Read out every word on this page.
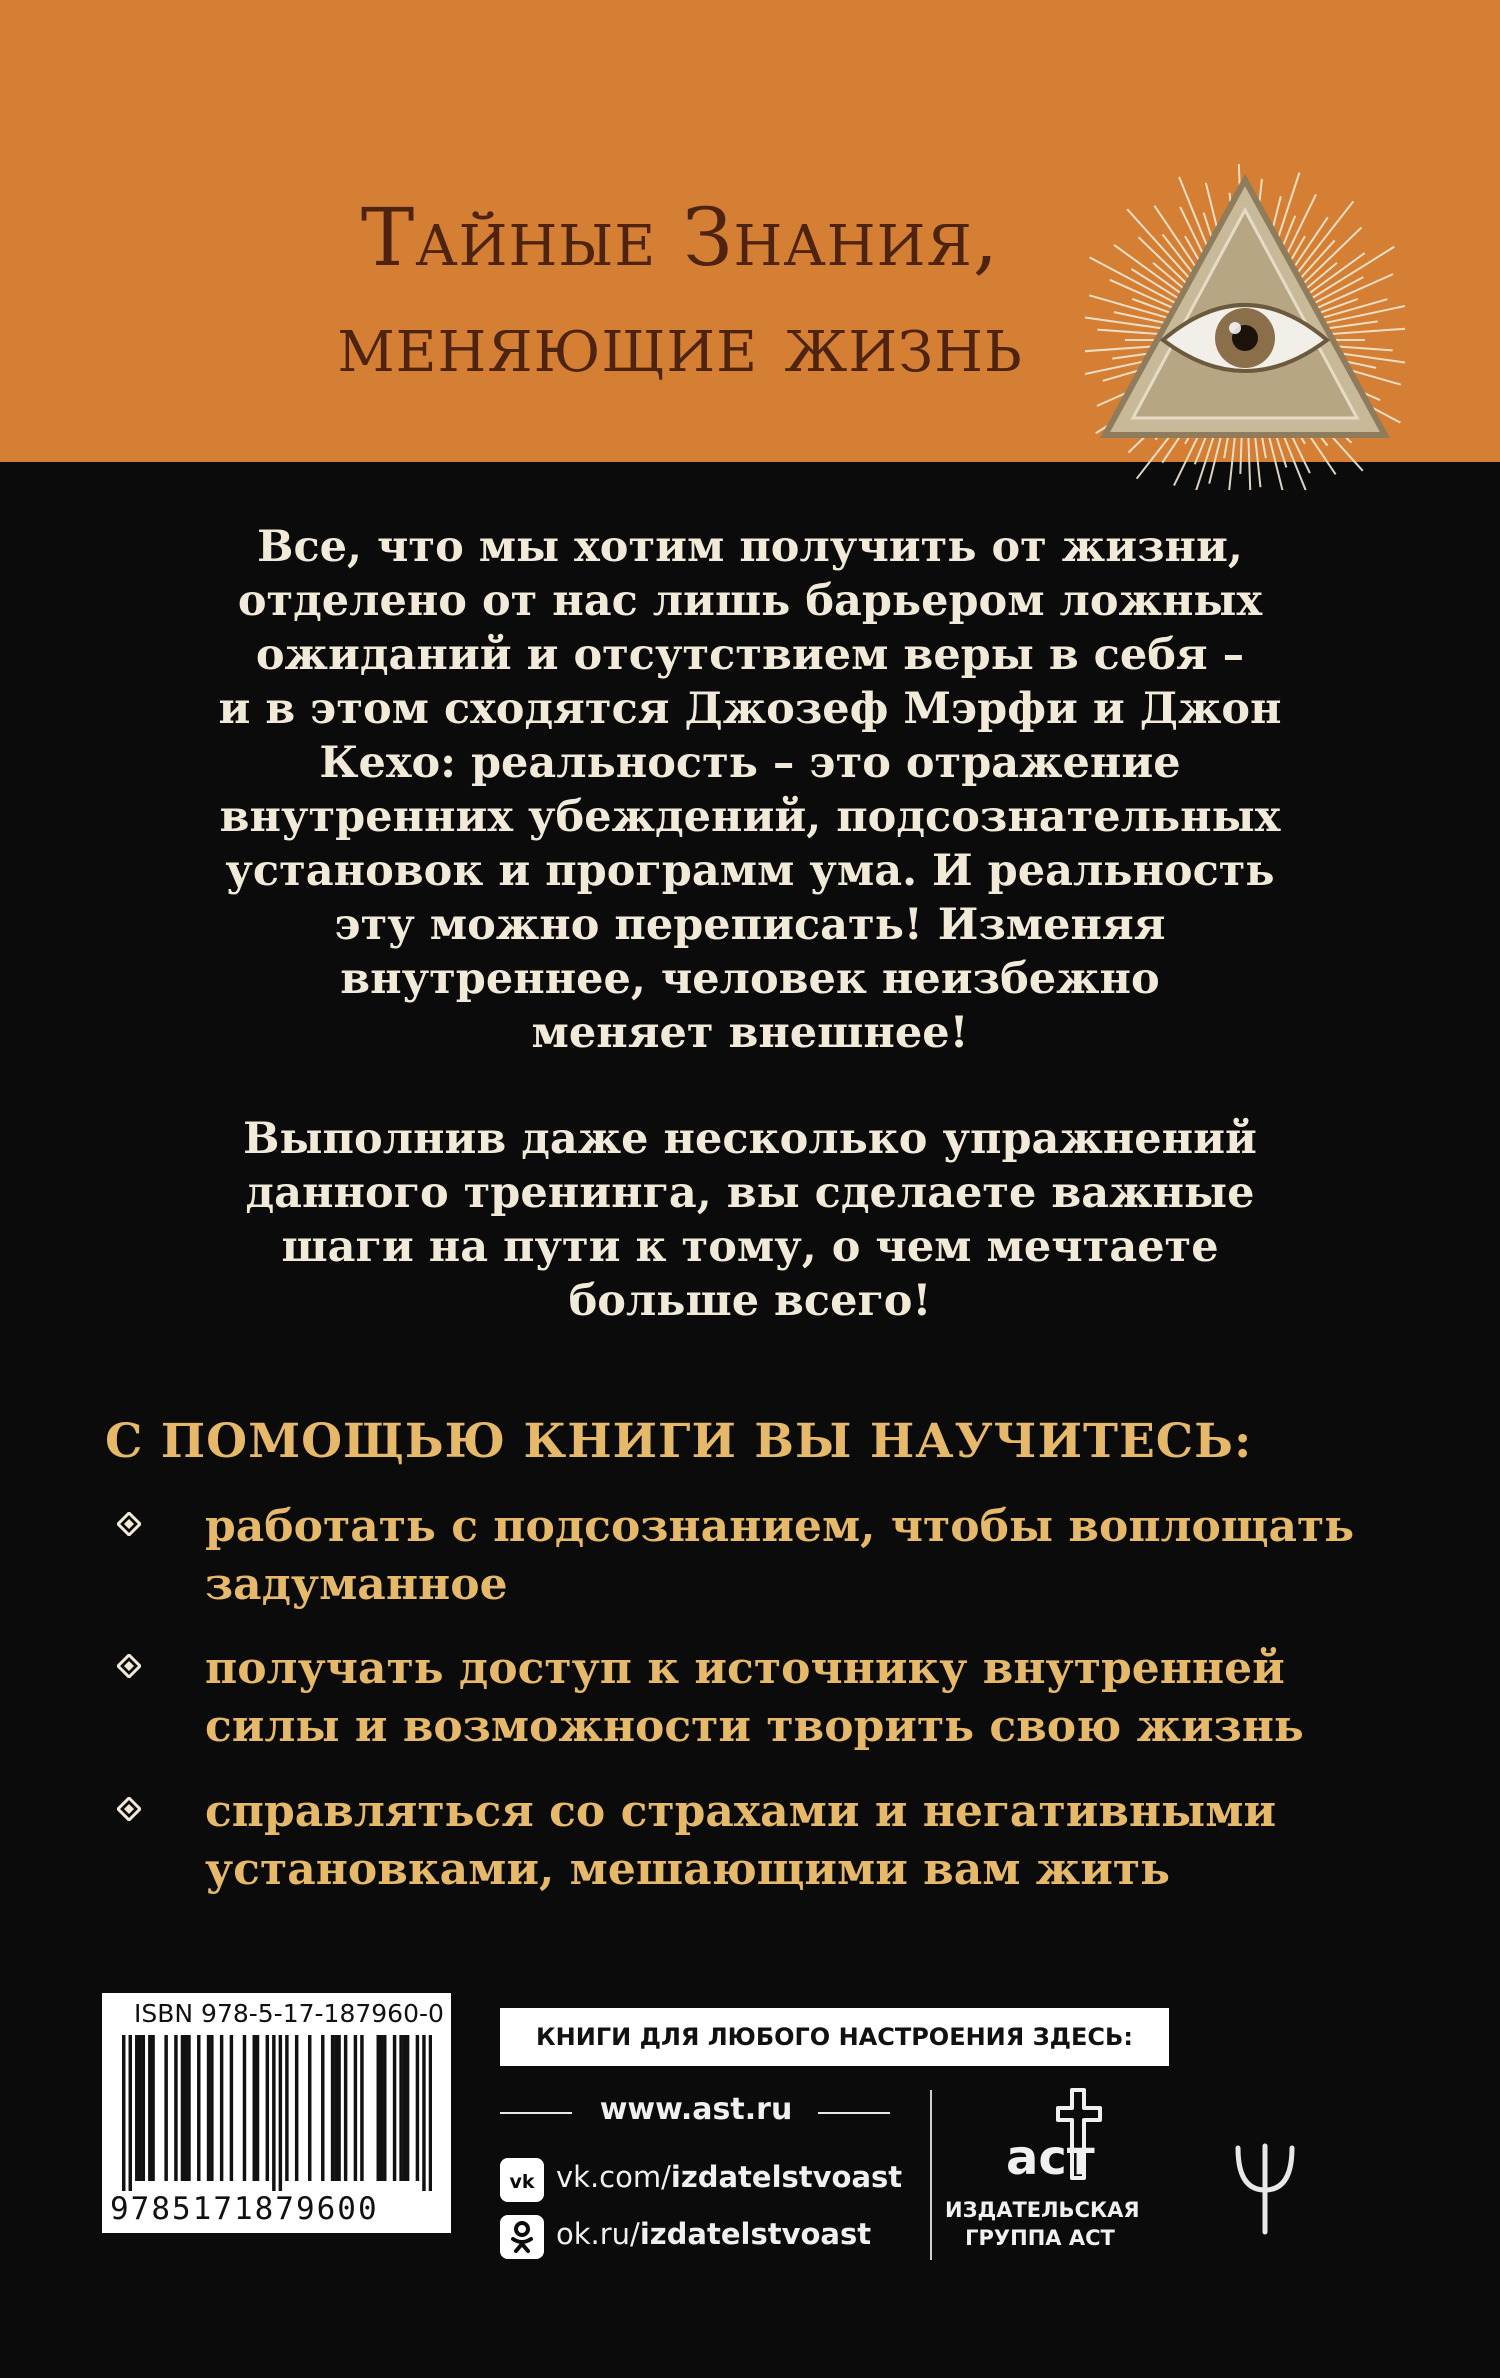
Тайные Знания,
меняющие жизнь
Все, что мы хотим получить от жизни,
отделено от нас лишь барьером ложных
ожиданий и отсутствием веры в себя –
и в этом сходятся Джозеф Мэрфи и Джон
Кехо: реальность – это отражение
внутренних убеждений, подсознательных
установок и программ ума. И реальность
эту можно переписать! Изменяя
внутреннее, человек неизбежно
меняет внешнее!
Выполнив даже несколько упражнений
данного тренинга, вы сделаете важные
шаги на пути к тому, о чем мечтаете
больше всего!
С ПОМОЩЬЮ КНИГИ ВЫ НАУЧИТЕСЬ:
работать с подсознанием, чтобы воплощать
задуманное
получать доступ к источнику внутренней
силы и возможности творить свою жизнь
справляться со страхами и негативными
установками, мешающими вам жить
ISBN 978-5-17-187960-0
9785171879600
КНИГИ ДЛЯ ЛЮБОГО НАСТРОЕНИЯ ЗДЕСЬ:
www.ast.ru
vk vk.com/izdatelstvoast
ok.ru/izdatelstvoast
аст
ИЗДАТЕЛЬСКАЯ
ГРУППА АСТ
